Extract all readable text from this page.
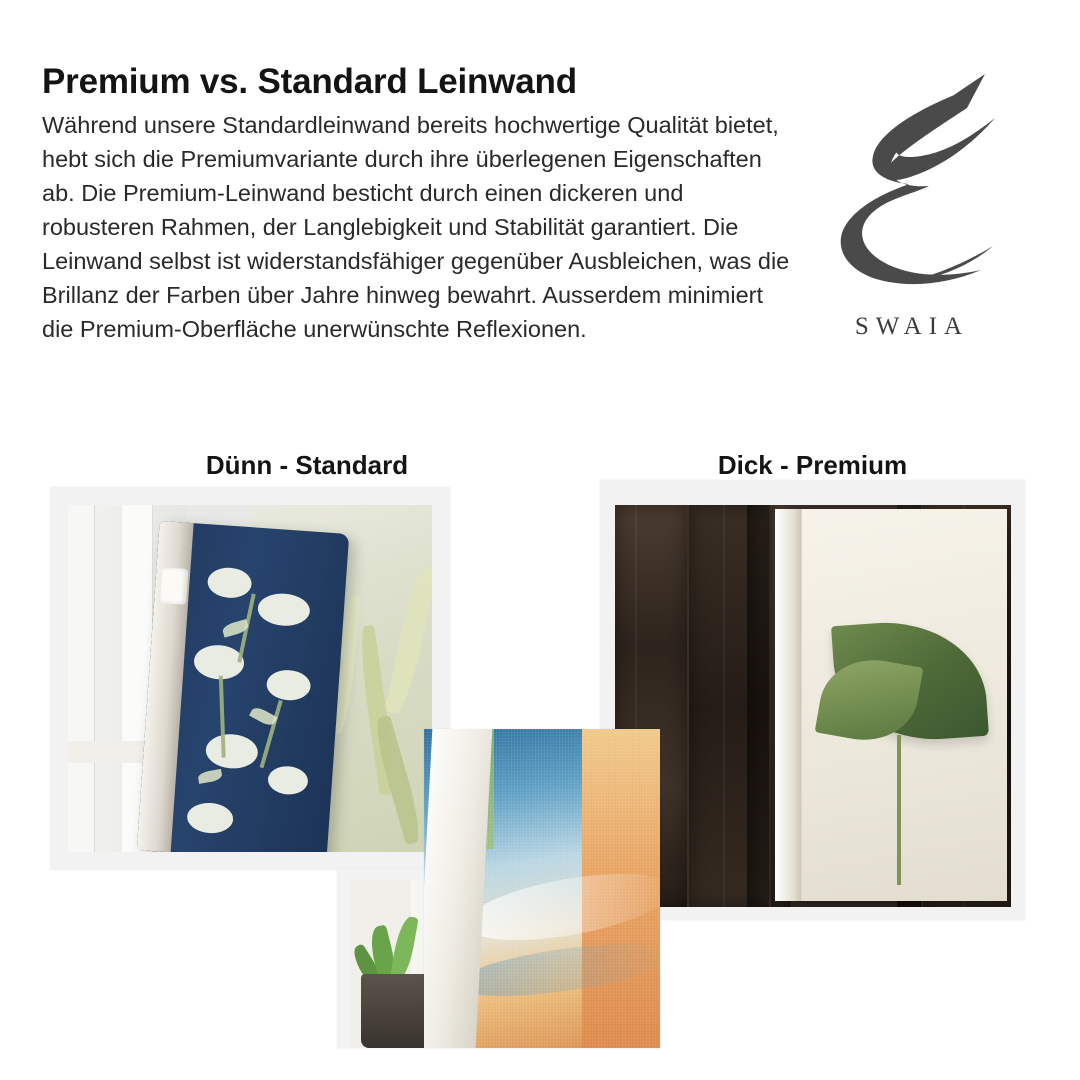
Premium vs. Standard Leinwand

Während unsere Standardleinwand bereits hochwertige Qualität bietet, hebt sich die Premiumvariante durch ihre überlegenen Eigenschaften ab. Die Premium-Leinwand besticht durch einen dickeren und robusteren Rahmen, der Langlebigkeit und Stabilität garantiert. Die Leinwand selbst ist widerstandsfähiger gegenüber Ausbleichen, was die Brillanz der Farben über Jahre hinweg bewahrt. Ausserdem minimiert die Premium-Oberfläche unerwünschte Reflexionen.	SWAIA
Dünn - Standard	Dick - Premium
